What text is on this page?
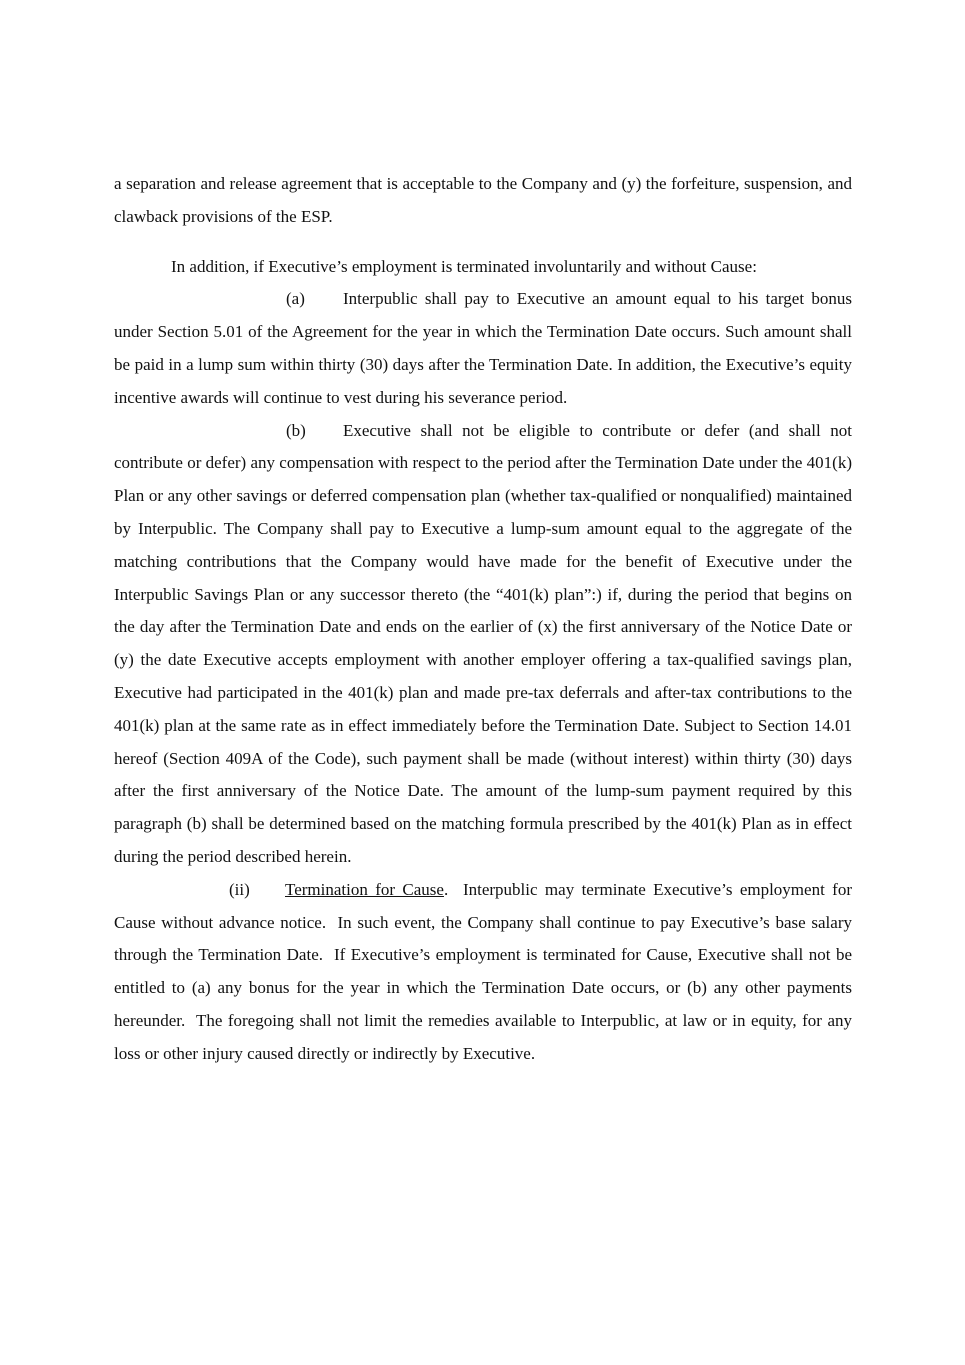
a separation and release agreement that is acceptable to the Company and (y) the forfeiture, suspension, and clawback provisions of the ESP.

In addition, if Executive’s employment is terminated involuntarily and without Cause:

(a) Interpublic shall pay to Executive an amount equal to his target bonus under Section 5.01 of the Agreement for the year in which the Termination Date occurs. Such amount shall be paid in a lump sum within thirty (30) days after the Termination Date. In addition, the Executive’s equity incentive awards will continue to vest during his severance period.

(b) Executive shall not be eligible to contribute or defer (and shall not contribute or defer) any compensation with respect to the period after the Termination Date under the 401(k) Plan or any other savings or deferred compensation plan (whether tax-qualified or nonqualified) maintained by Interpublic. The Company shall pay to Executive a lump-sum amount equal to the aggregate of the matching contributions that the Company would have made for the benefit of Executive under the Interpublic Savings Plan or any successor thereto (the “401(k) plan”:) if, during the period that begins on the day after the Termination Date and ends on the earlier of (x) the first anniversary of the Notice Date or (y) the date Executive accepts employment with another employer offering a tax-qualified savings plan, Executive had participated in the 401(k) plan and made pre-tax deferrals and after-tax contributions to the 401(k) plan at the same rate as in effect immediately before the Termination Date. Subject to Section 14.01 hereof (Section 409A of the Code), such payment shall be made (without interest) within thirty (30) days after the first anniversary of the Notice Date. The amount of the lump-sum payment required by this paragraph (b) shall be determined based on the matching formula prescribed by the 401(k) Plan as in effect during the period described herein.

(ii) Termination for Cause.  Interpublic may terminate Executive’s employment for Cause without advance notice.  In such event, the Company shall continue to pay Executive’s base salary through the Termination Date.  If Executive’s employment is terminated for Cause, Executive shall not be entitled to (a) any bonus for the year in which the Termination Date occurs, or (b) any other payments hereunder.  The foregoing shall not limit the remedies available to Interpublic, at law or in equity, for any loss or other injury caused directly or indirectly by Executive.
